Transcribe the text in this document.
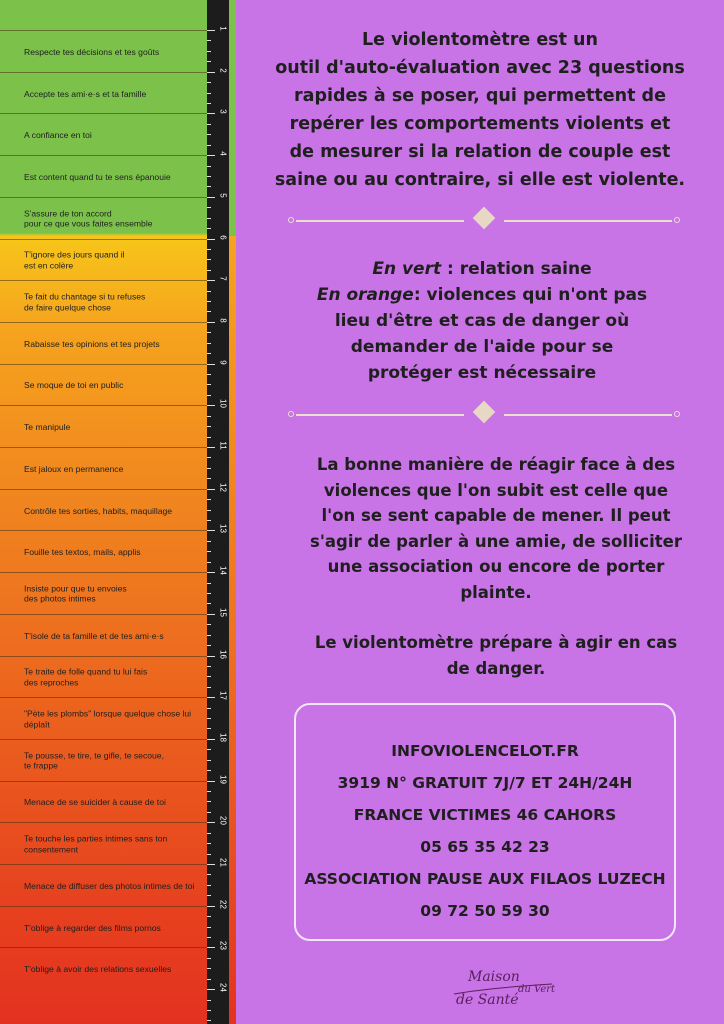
Respecte tes décisions et tes goûts
Accepte tes ami·e·s et ta famille
A confiance en toi
Est content quand tu te sens épanouie
S'assure de ton accord
pour ce que vous faites ensemble
T'ignore des jours quand il
est en colère
Te fait du chantage si tu refuses
de faire quelque chose
Rabaisse tes opinions et tes projets
Se moque de toi en public
Te manipule
Est jaloux en permanence
Contrôle tes sorties, habits, maquillage
Fouille tes textos, mails, applis
Insiste pour que tu envoies
des photos intimes
T'isole de ta famille et de tes ami·e·s
Te traite de folle quand tu lui fais
des reproches
"Pète les plombs" lorsque quelque chose lui
déplaît
Te pousse, te tire, te gifle, te secoue,
te frappe
Menace de se suicider à cause de toi
Te touche les parties intimes sans ton
consentement
Menace de diffuser des photos intimes de toi
T'oblige à regarder des films pornos
T'oblige à avoir des relations sexuelles
1
2
3
4
5
6
7
8
9
10
11
12
13
14
15
16
17
18
19
20
21
22
23
24
Le violentomètre est un
outil d'auto-évaluation avec 23 questions
rapides à se poser, qui permettent de
repérer les comportements violents et
de mesurer si la relation de couple est
saine ou au contraire, si elle est violente.
En vert : relation saine
En orange: violences qui n'ont pas
lieu d'être et cas de danger où
demander de l'aide pour se
protéger est nécessaire
La bonne manière de réagir face à des
violences que l'on subit est celle que
l'on se sent capable de mener. Il peut
s'agir de parler à une amie, de solliciter
une association ou encore de porter
plainte.
Le violentomètre prépare à agir en cas
de danger.
INFOVIOLENCELOT.FR
3919 N° GRATUIT 7J/7 ET 24H/24H
FRANCE VICTIMES 46 CAHORS
05 65 35 42 23
ASSOCIATION PAUSE AUX FILAOS LUZECH
09 72 50 59 30
Maison
de Santé
du Vert
